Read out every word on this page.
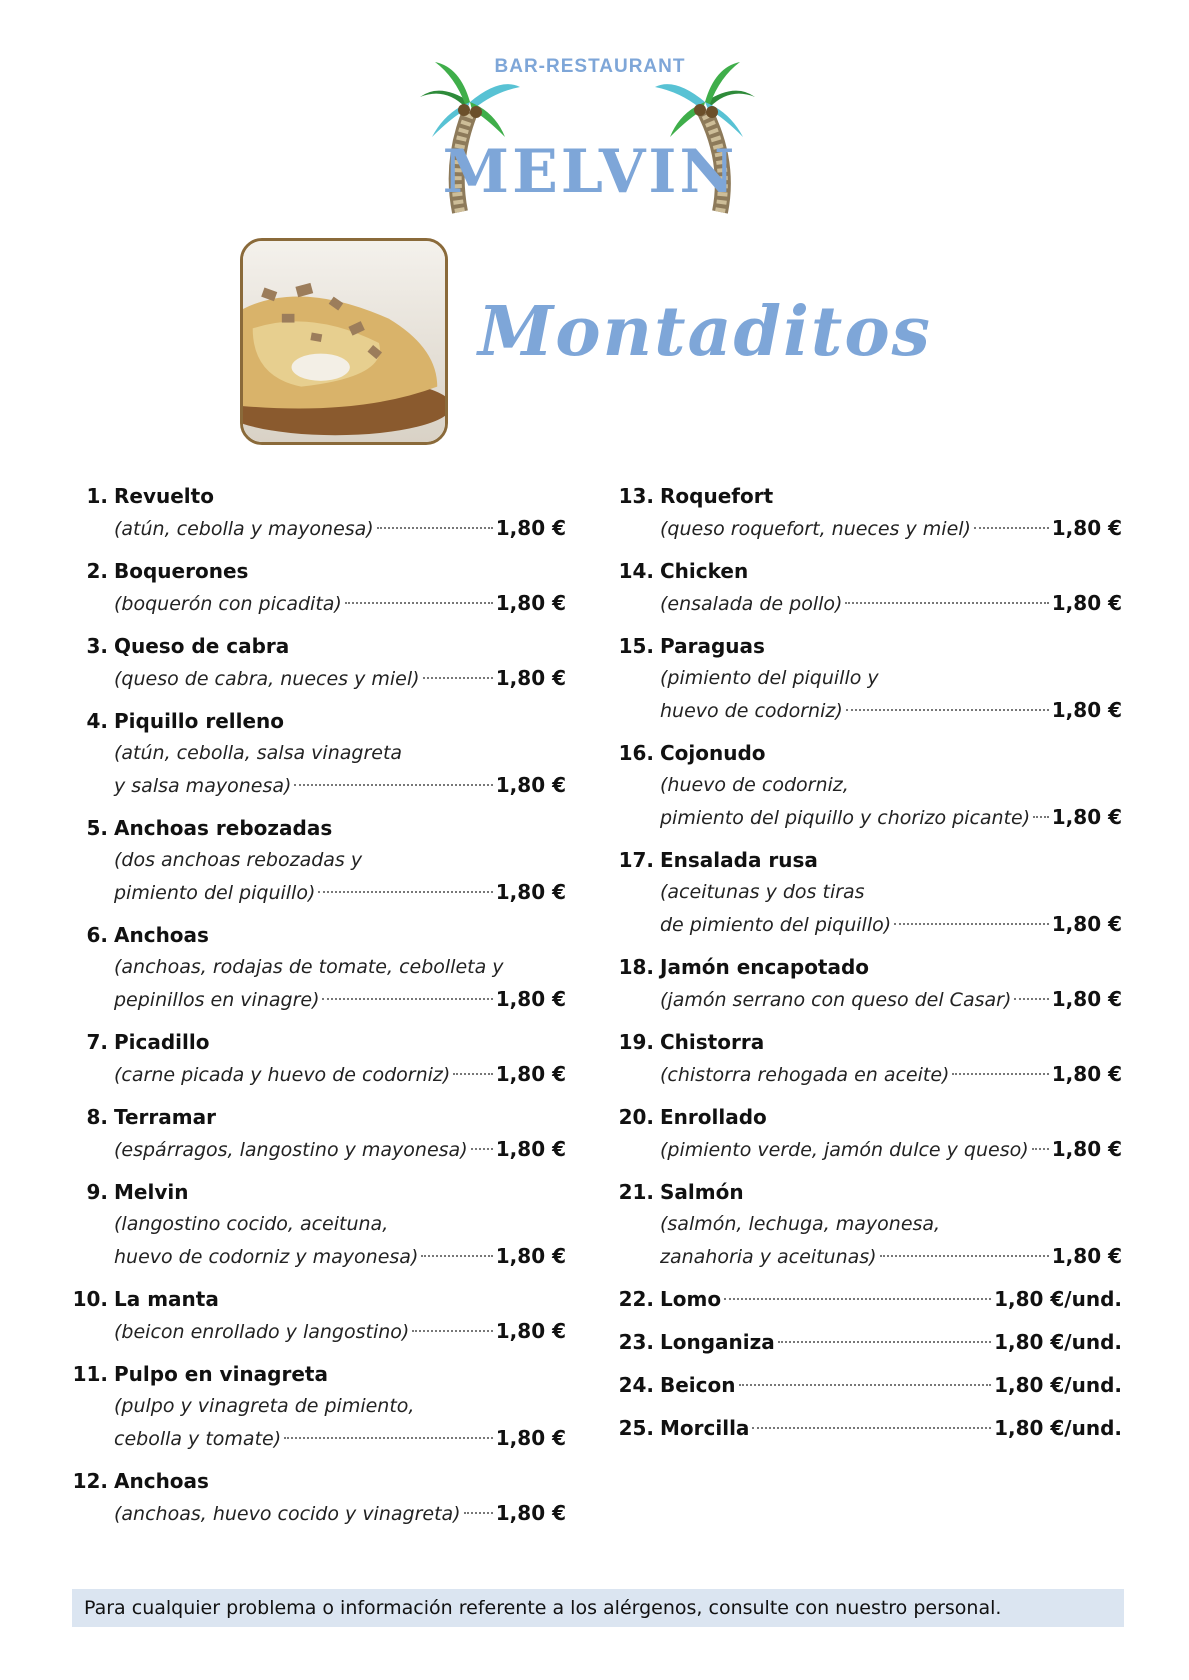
BAR-RESTAURANT
MELVIN
Montaditos
1. Revuelto
(atún, cebolla y mayonesa)	1,80 €
2. Boquerones
(boquerón con picadita)	1,80 €
3. Queso de cabra
(queso de cabra, nueces y miel)	1,80 €
4. Piquillo relleno
(atún, cebolla, salsa vinagreta
y salsa mayonesa)	1,80 €
5. Anchoas rebozadas
(dos anchoas rebozadas y
pimiento del piquillo)	1,80 €
6. Anchoas
(anchoas, rodajas de tomate, cebolleta y
pepinillos en vinagre)	1,80 €
7. Picadillo
(carne picada y huevo de codorniz) 1,80 €
8. Terramar
(espárragos, langostino y mayonesa) 1,80 €
9. Melvin
(langostino cocido, aceituna,
huevo de codorniz y mayonesa)	1,80 €
10. La manta
(beicon enrollado y langostino)	1,80 €
11. Pulpo en vinagreta
(pulpo y vinagreta de pimiento,
cebolla y tomate)	1,80 €
12. Anchoas
(anchoas, huevo cocido y vinagreta) 1,80 €
13. Roquefort
(queso roquefort, nueces y miel)	1,80 €
14. Chicken
(ensalada de pollo)	1,80 €
15. Paraguas
(pimiento del piquillo y
huevo de codorniz)	1,80 €
16. Cojonudo
(huevo de codorniz,
pimiento del piquillo y chorizo picante) 1,80 €
17. Ensalada rusa
(aceitunas y dos tiras
de pimiento del piquillo)	1,80 €
18. Jamón encapotado
(jamón serrano con queso del Casar) 1,80 €
19. Chistorra
(chistorra rehogada en aceite)	1,80 €
20. Enrollado
(pimiento verde, jamón dulce y queso) 1,80 €
21. Salmón
(salmón, lechuga, mayonesa,
zanahoria y aceitunas)	1,80 €
22. Lomo	1,80 €/und.
23. Longaniza	1,80 €/und.
24. Beicon	1,80 €/und.
25. Morcilla	1,80 €/und.
Para cualquier problema o información referente a los alérgenos, consulte con nuestro personal.
